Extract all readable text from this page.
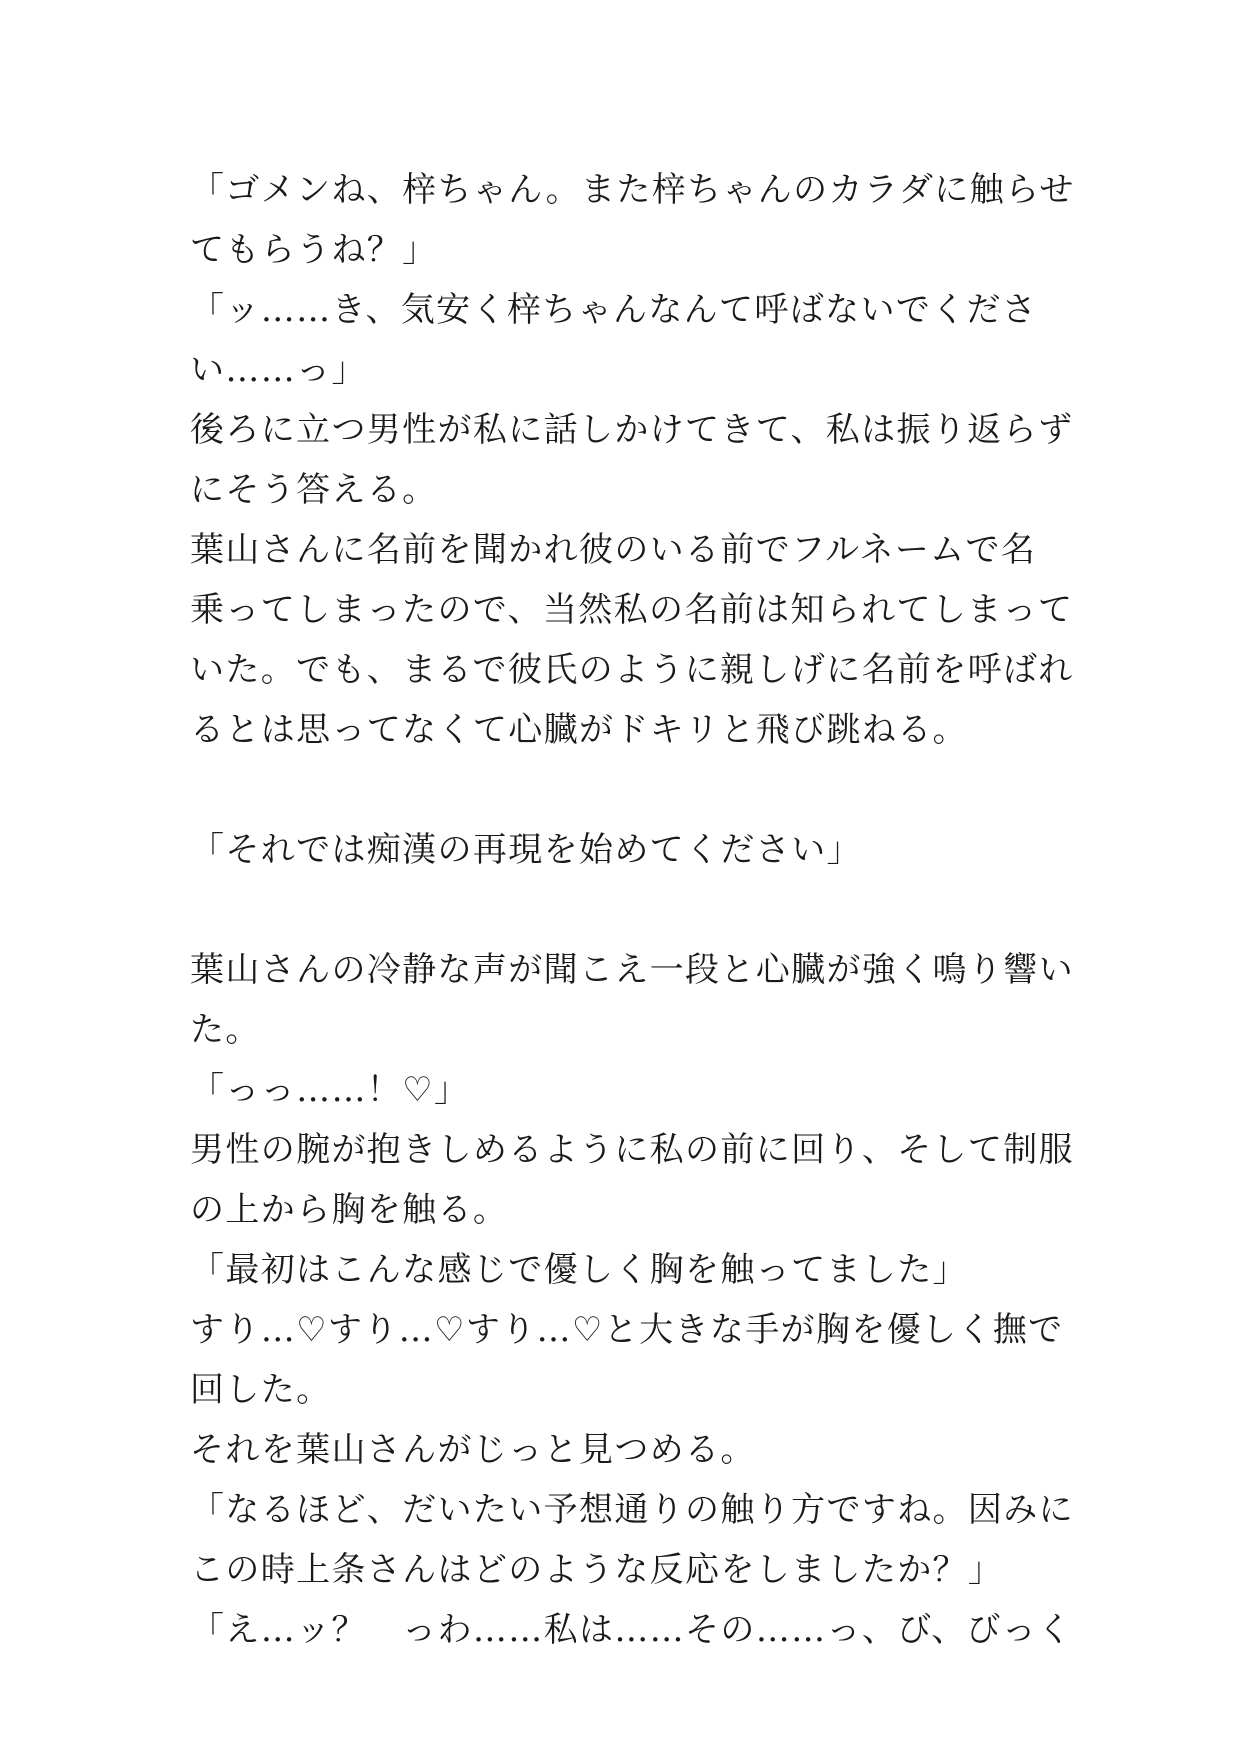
「ゴメンね、梓ちゃん。また梓ちゃんのカラダに触らせ
てもらうね？」
「ッ……き、気安く梓ちゃんなんて呼ばないでくださ
い……っ」
後ろに立つ男性が私に話しかけてきて、私は振り返らず
にそう答える。
葉山さんに名前を聞かれ彼のいる前でフルネームで名
乗ってしまったので、当然私の名前は知られてしまって
いた。でも、まるで彼氏のように親しげに名前を呼ばれ
るとは思ってなくて心臓がドキリと飛び跳ねる。
「それでは痴漢の再現を始めてください」
葉山さんの冷静な声が聞こえ一段と心臓が強く鳴り響い
た。
「っっ……！♡」
男性の腕が抱きしめるように私の前に回り、そして制服
の上から胸を触る。
「最初はこんな感じで優しく胸を触ってました」
すり…♡すり…♡すり…♡と大きな手が胸を優しく撫で
回した。
それを葉山さんがじっと見つめる。
「なるほど、だいたい予想通りの触り方ですね。因みに
この時上条さんはどのような反応をしましたか？」
「え…ッ？　っわ……私は……その……っ、び、びっく
